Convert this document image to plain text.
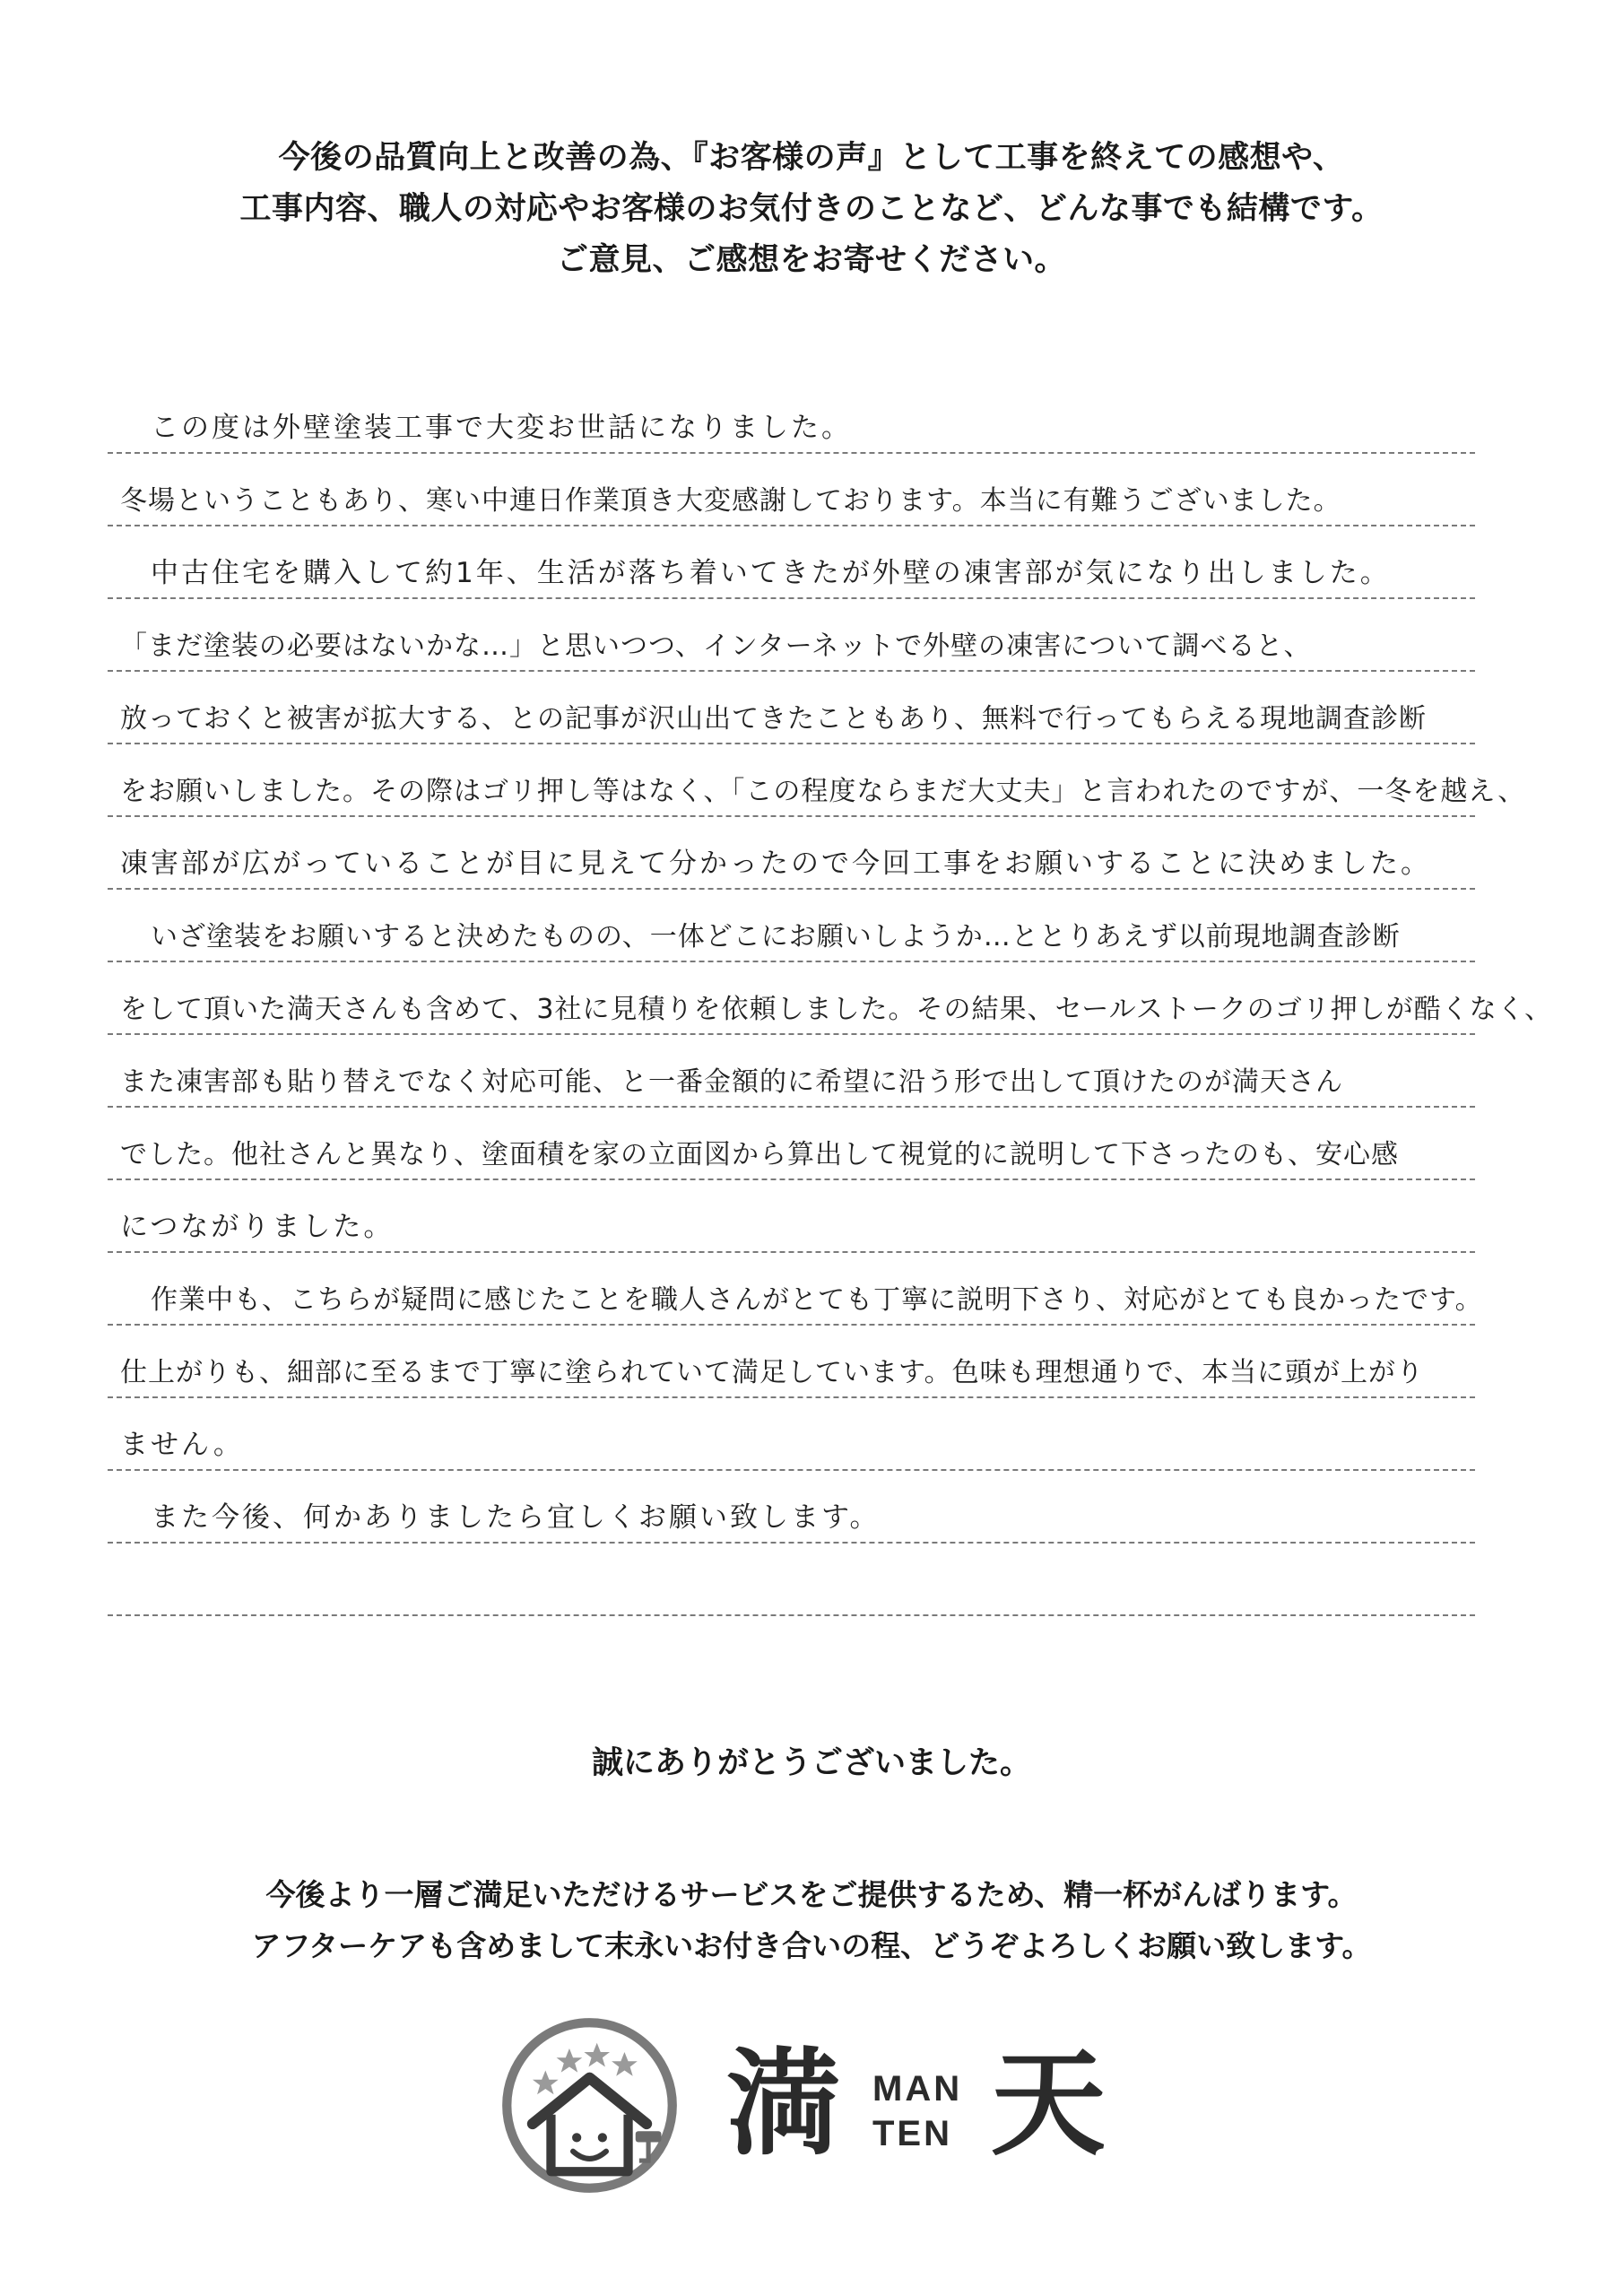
今後の品質向上と改善の為、『お客様の声』として工事を終えての感想や、
工事内容、職人の対応やお客様のお気付きのことなど、どんな事でも結構です。
ご意見、ご感想をお寄せください。
この度は外壁塗装工事で大変お世話になりました。
冬場ということもあり、寒い中連日作業頂き大変感謝しております。本当に有難うございました。
中古住宅を購入して約1年、生活が落ち着いてきたが外壁の凍害部が気になり出しました。
「まだ塗装の必要はないかな…」と思いつつ、インターネットで外壁の凍害について調べると、
放っておくと被害が拡大する、との記事が沢山出てきたこともあり、無料で行ってもらえる現地調査診断
をお願いしました。その際はゴリ押し等はなく、「この程度ならまだ大丈夫」と言われたのですが、一冬を越え、
凍害部が広がっていることが目に見えて分かったので今回工事をお願いすることに決めました。
いざ塗装をお願いすると決めたものの、一体どこにお願いしようか…ととりあえず以前現地調査診断
をして頂いた満天さんも含めて、3社に見積りを依頼しました。その結果、セールストークのゴリ押しが酷くなく、
また凍害部も貼り替えでなく対応可能、と一番金額的に希望に沿う形で出して頂けたのが満天さん
でした。他社さんと異なり、塗面積を家の立面図から算出して視覚的に説明して下さったのも、安心感
につながりました。
作業中も、こちらが疑問に感じたことを職人さんがとても丁寧に説明下さり、対応がとても良かったです。
仕上がりも、細部に至るまで丁寧に塗られていて満足しています。色味も理想通りで、本当に頭が上がり
ません。
また今後、何かありましたら宜しくお願い致します。
誠にありがとうございました。
今後より一層ご満足いただけるサービスをご提供するため、精一杯がんばります。
アフターケアも含めまして末永いお付き合いの程、どうぞよろしくお願い致します。
満 MAN
TEN 天
